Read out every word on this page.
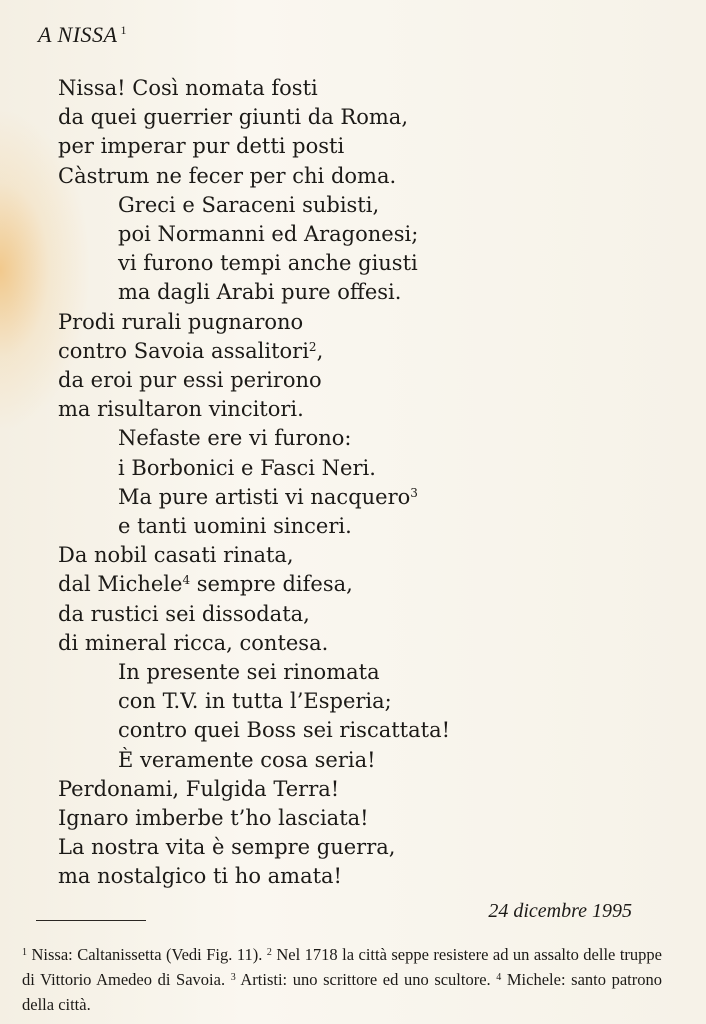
A NISSA $^1$
Nissa! Così nomata fosti
da quei guerrier giunti da Roma,
per imperar pur detti posti
Càstrum ne fecer per chi doma.
Greci e Saraceni subisti,
poi Normanni ed Aragonesi;
vi furono tempi anche giusti
ma dagli Arabi pure offesi.
Prodi rurali pugnarono
contro Savoia assalitori$^2$,
da eroi pur essi perirono
ma risultaron vincitori.
Nefaste ere vi furono:
i Borbonici e Fasci Neri.
Ma pure artisti vi nacquero$^3$
e tanti uomini sinceri.
Da nobil casati rinata,
dal Michele$^4$ sempre difesa,
da rustici sei dissodata,
di mineral ricca, contesa.
In presente sei rinomata
con T.V. in tutta l’Esperia;
contro quei Boss sei riscattata!
È veramente cosa seria!
Perdonami, Fulgida Terra!
Ignaro imberbe t’ho lasciata!
La nostra vita è sempre guerra,
ma nostalgico ti ho amata!
24 dicembre 1995
$^1$ Nissa: Caltanissetta (Vedi Fig. 11). $^2$ Nel 1718 la città seppe resistere ad un assalto delle truppe di Vittorio Amedeo di Savoia. $^3$ Artisti: uno scrittore ed uno scultore. $^4$ Michele: santo patrono della città.
